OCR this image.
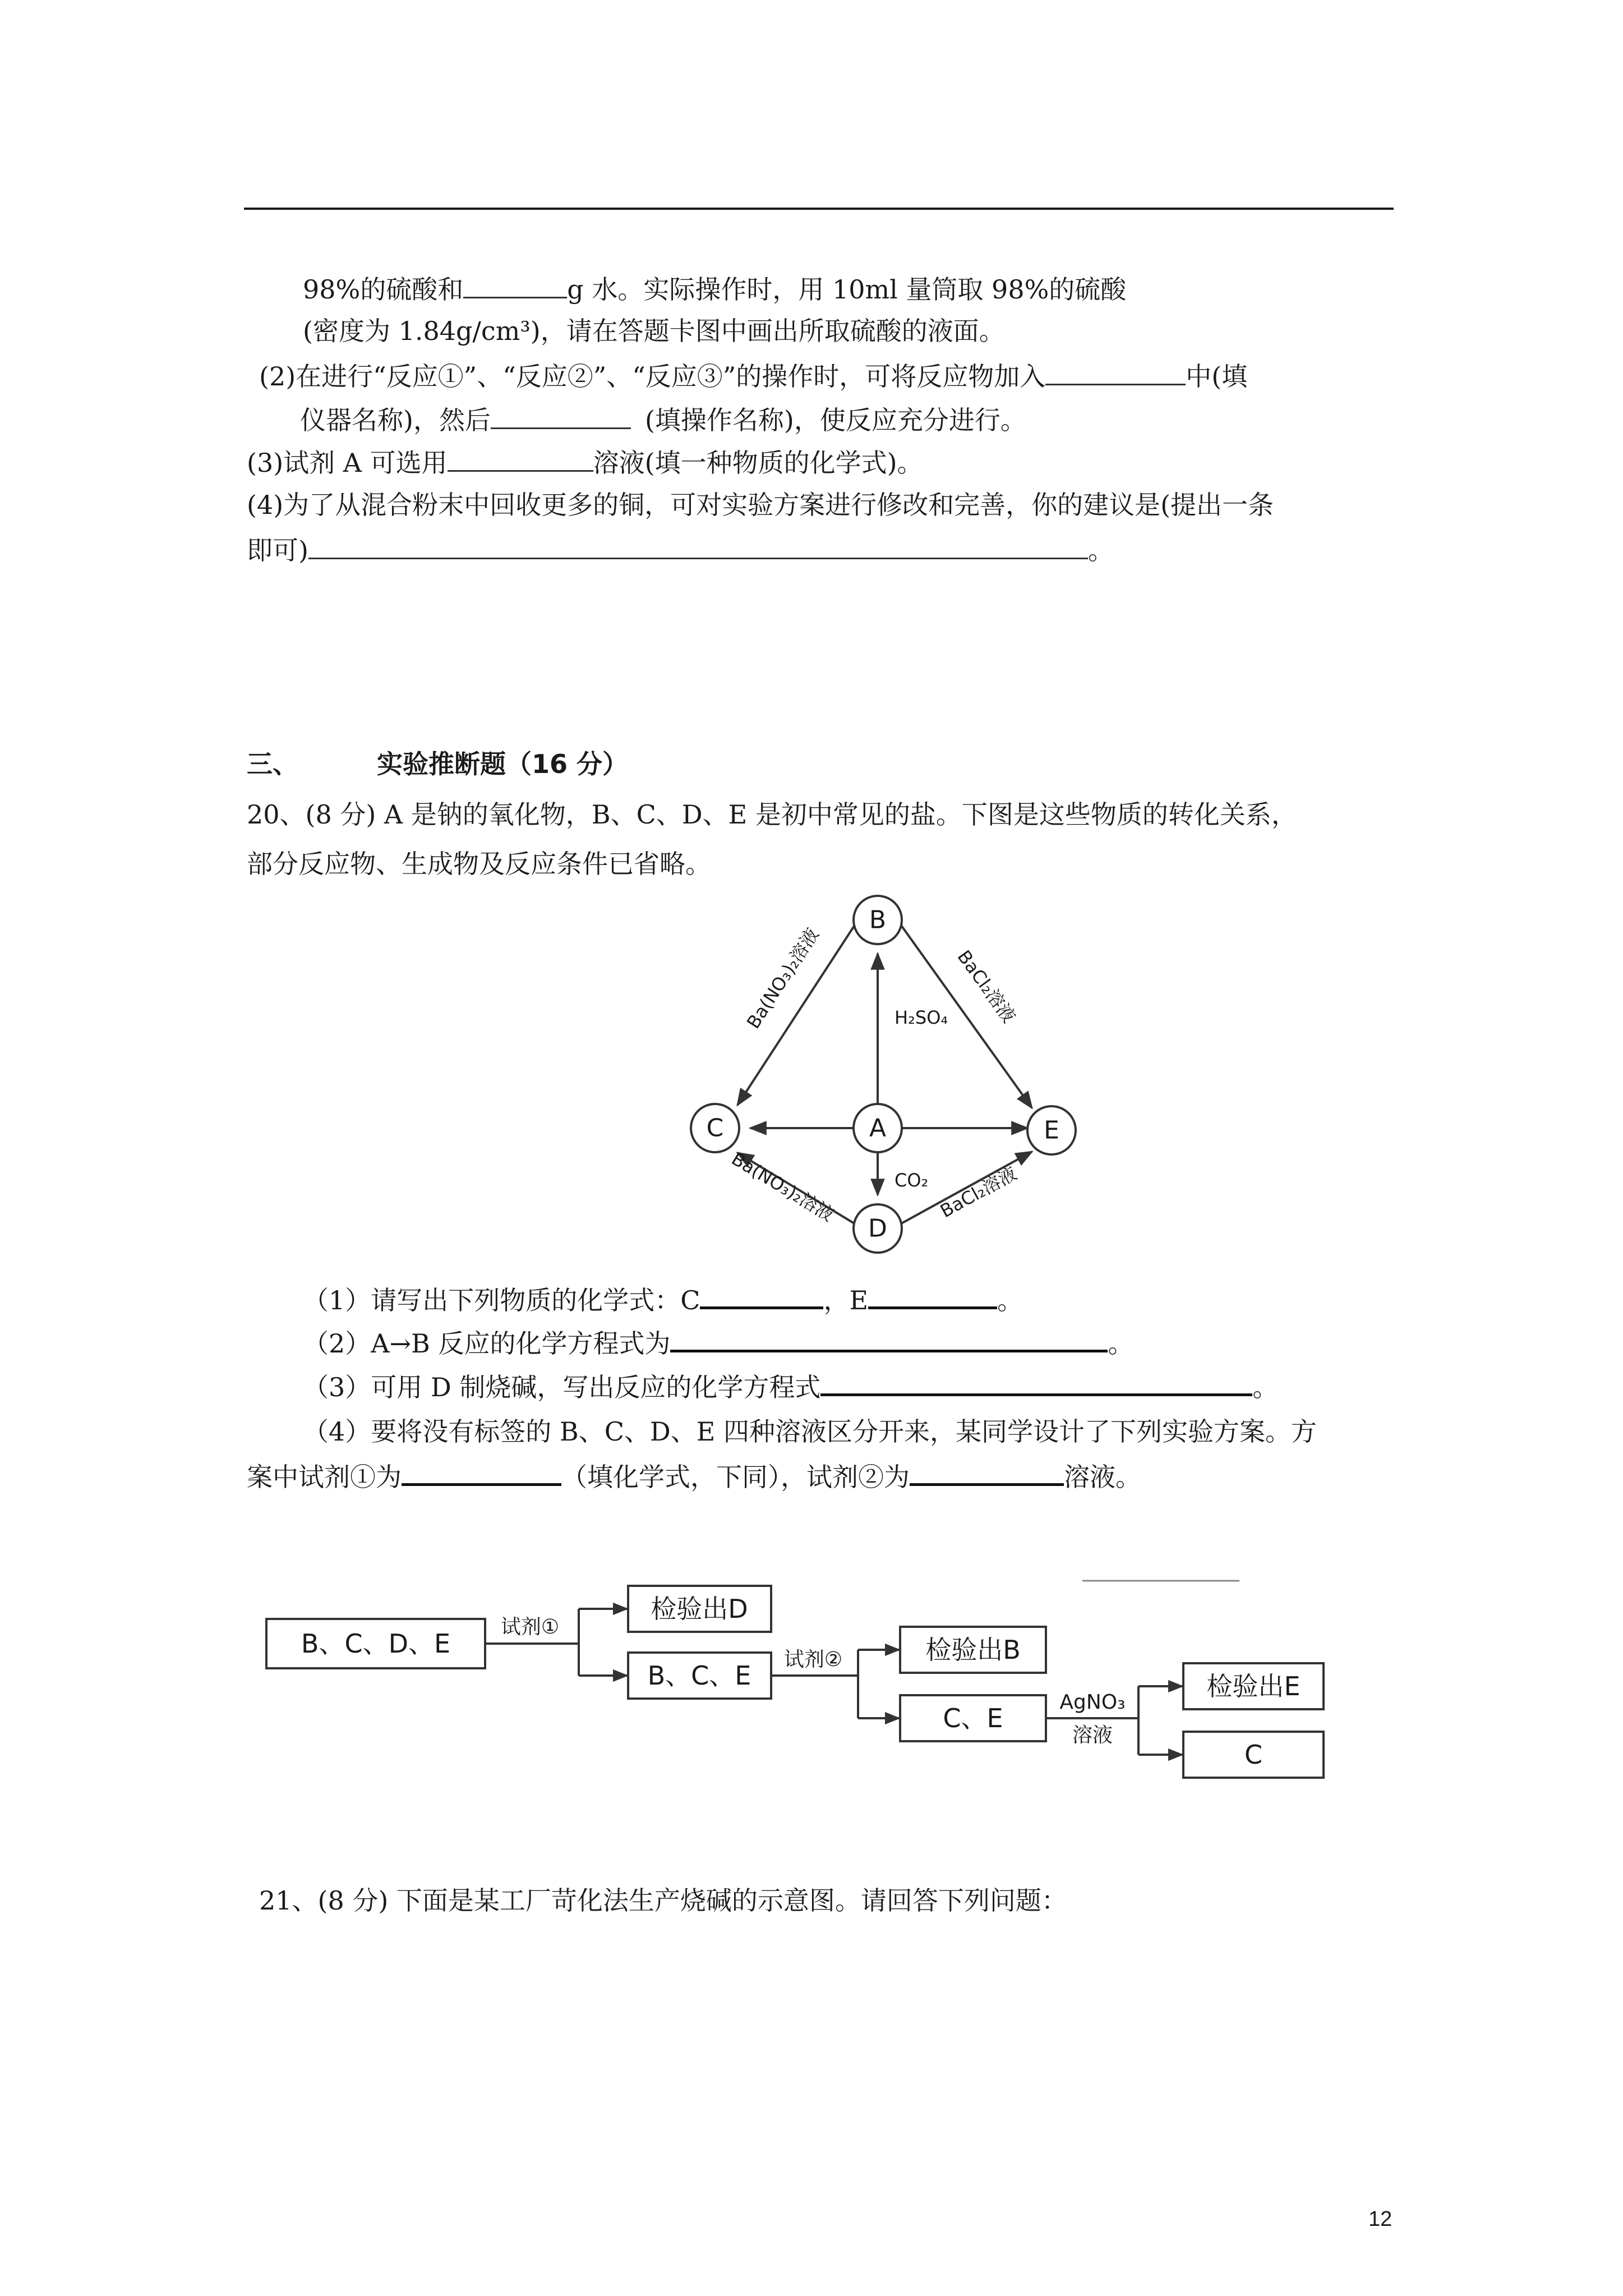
98%的硫酸和	g 水。实际操作时，用 10ml 量筒取 98%的硫酸
(密度为 1.84g/cm³)，请在答题卡图中画出所取硫酸的液面。
(2)在进行“反应①”、“反应②”、“反应③”的操作时，可将反应物加入	中(填
仪器名称)，然后	(填操作名称)，使反应充分进行。
(3)试剂 A 可选用	溶液(填一种物质的化学式)。
(4)为了从混合粉末中回收更多的铜，可对实验方案进行修改和完善，你的建议是(提出一条
即可)	。
三、	实验推断题（16 分）
20、(8 分) A 是钠的氧化物，B、C、D、E 是初中常见的盐。下图是这些物质的转化关系，
部分反应物、生成物及反应条件已省略。
B
A
C	E
D
H₂SO₄
CO₂
Ba(NO₃)₂溶液	BaCl₂溶液
Ba(NO₃)₂溶液	BaCl₂溶液
（1）请写出下列物质的化学式：C	，E	。
（2）A→B 反应的化学方程式为	。
（3）可用 D 制烧碱，写出反应的化学方程式	。
（4）要将没有标签的 B、C、D、E 四种溶液区分开来，某同学设计了下列实验方案。方
案中试剂①为	（填化学式，下同），试剂②为	溶液。
B、C、D、E
检验出D
B、C、E
检验出B
C、E
检验出E
C
试剂①
试剂②
AgNO₃
溶液
21、(8 分) 下面是某工厂苛化法生产烧碱的示意图。请回答下列问题：
12
